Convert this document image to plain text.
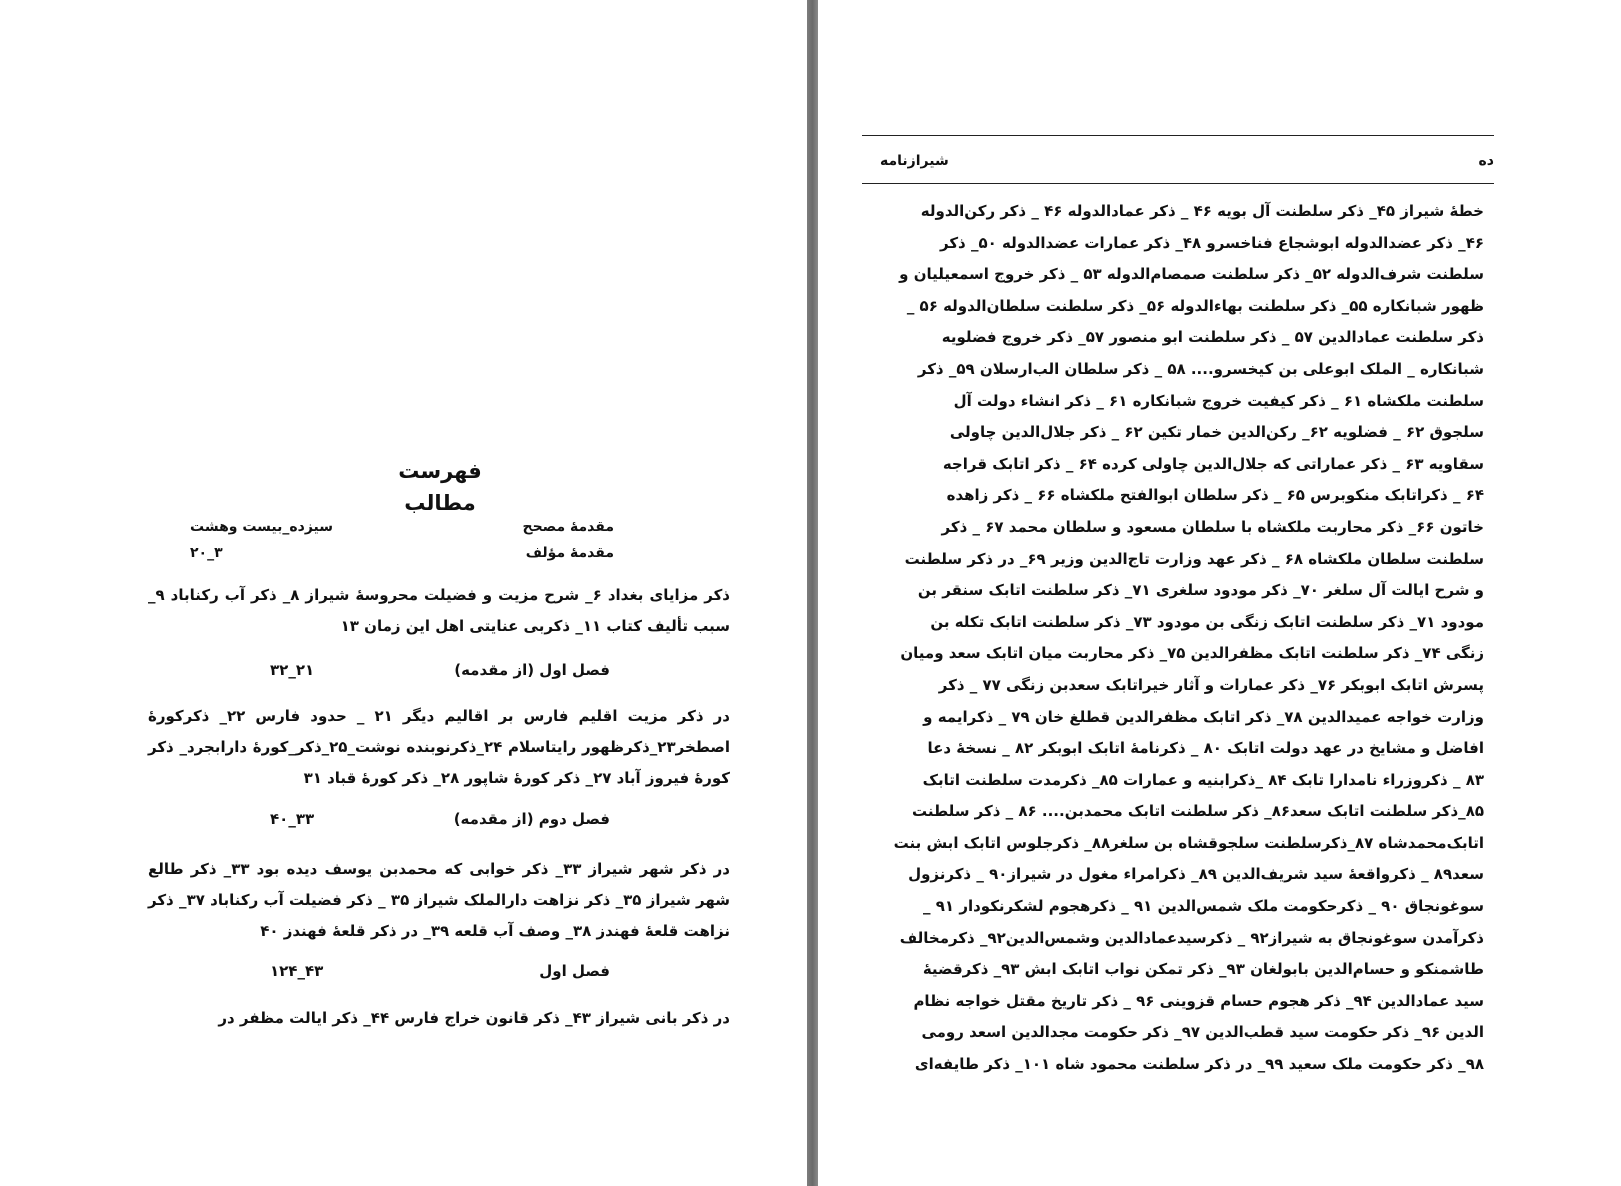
فهرست مطالب
مقدمهٔ مصحح
سیزده_بیست وهشت
مقدمهٔ مؤلف
۳_۲۰
ذکر مزایای بغداد ۶_ شرح مزیت و فضیلت محروسهٔ شیراز ۸_ ذکر آب رکناباد ۹_ سبب تألیف کتاب ۱۱_ ذکربی عنایتی اهل این زمان ۱۳
فصل اول (از مقدمه)
۲۱_۳۲
در ذکر مزیت اقلیم فارس بر اقالیم دیگر ۲۱ _ حدود فارس ۲۲_ ذکرکورهٔ اصطخر۲۳_ذکرظهور رایتاسلام ۲۴_ذکرنوبنده نوشت_۲۵_ذکر_کورهٔ دارابجرد_ ذکر کورهٔ فیروز آباد ۲۷_ ذکر کورهٔ شاپور ۲۸_ ذکر کورهٔ قباد ۳۱
فصل دوم (از مقدمه)
۳۳_۴۰
در ذکر شهر شیراز ۳۳_ ذکر خوابی که محمدبن یوسف دیده بود ۳۳_ ذکر طالع شهر شیراز ۳۵_ ذکر نزاهت دارالملک شیراز ۳۵ _ ذکر فضیلت آب رکناباد ۳۷_ ذکر نزاهت قلعهٔ فهندز ۳۸_ وصف آب قلعه ۳۹_ در ذکر قلعهٔ فهندز ۴۰
فصل اول
۴۳_۱۲۴
در ذکر بانی شیراز ۴۳_ ذکر قانون خراج فارس ۴۴_ ذکر ایالت مظفر در
ده
شیرازنامه
خطهٔ شیراز ۴۵_ ذکر سلطنت آل بویه ۴۶ _ ذکر عمادالدوله ۴۶ _ ذکر رکن‌الدوله
۴۶_ ذکر عضدالدوله ابوشجاع فناخسرو ۴۸_ ذکر عمارات عضدالدوله ۵۰_ ذکر
سلطنت شرف‌الدوله ۵۲_ ذکر سلطنت صمصام‌الدوله ۵۳ _ ذکر خروج اسمعیلیان و
ظهور شبانکاره ۵۵_ ذکر سلطنت بهاءالدوله ۵۶_ ذکر سلطنت سلطان‌الدوله ۵۶ _
ذکر سلطنت عمادالدین ۵۷ _ ذکر سلطنت ابو منصور ۵۷_ ذکر خروج فضلویه
شبانکاره _ الملک ابوعلی بن کیخسرو.... ۵۸ _ ذکر سلطان الب‌ارسلان ۵۹_ ذکر
سلطنت ملکشاه ۶۱ _ ذکر کیفیت خروج شبانکاره ۶۱ _ ذکر انشاء دولت آل
سلجوق ۶۲ _ فضلویه ۶۲_ رکن‌الدین خمار تکین ۶۲ _ ذکر جلال‌الدین چاولی
سقاویه ۶۳ _ ذکر عماراتی که جلال‌الدین چاولی کرده ۶۴ _ ذکر اتابک قراجه
۶۴ _ ذکراتابک منکوبرس ۶۵ _ ذکر سلطان ابوالفتح ملکشاه ۶۶ _ ذکر زاهده
خاتون ۶۶_ ذکر محاربت ملکشاه با سلطان مسعود و سلطان محمد ۶۷ _ ذکر
سلطنت سلطان ملکشاه ۶۸ _ ذکر عهد وزارت تاج‌الدین وزیر ۶۹_ در ذکر سلطنت
و شرح ایالت آل سلغر ۷۰_ ذکر مودود سلغری ۷۱_ ذکر سلطنت اتابک سنقر بن
مودود ۷۱_ ذکر سلطنت اتابک زنگی بن مودود ۷۳_ ذکر سلطنت اتابک تکله بن
زنگی ۷۴_ ذکر سلطنت اتابک مظفرالدین ۷۵_ ذکر محاربت میان اتابک سعد ومیان
پسرش اتابک ابوبکر ۷۶_ ذکر عمارات و آثار خیراتابک سعدبن زنگی ۷۷ _ ذکر
وزارت خواجه عمیدالدین ۷۸_ ذکر اتابک مظفرالدین قطلغ خان ۷۹ _ ذکرایمه و
افاضل و مشایخ در عهد دولت اتابک ۸۰ _ ذکرنامهٔ اتابک ابوبکر ۸۲ _ نسخهٔ دعا
۸۳ _ ذکروزراء نامدارا تابک ۸۴ _ذکرابنیه و عمارات ۸۵_ ذکرمدت سلطنت اتابک
۸۵_ذکر سلطنت اتابک سعد۸۶_ ذکر سلطنت اتابک محمدبن.... ۸۶ _ ذکر سلطنت
اتابک‌محمدشاه ۸۷_ذکرسلطنت سلجوقشاه بن سلغر۸۸_ ذکرجلوس اتابک ابش بنت
سعد۸۹ _ ذکرواقعهٔ سید شریف‌الدین ۸۹_ ذکرامراء مغول در شیراز۹۰ _ ذکرنزول
سوغونجاق ۹۰ _ ذکرحکومت ملک شمس‌الدین ۹۱ _ ذکرهجوم لشکرنکودار ۹۱ _
ذکرآمدن سوغونجاق به شیراز۹۲ _ ذکرسیدعمادالدین وشمس‌الدین۹۲_ ذکرمخالف
طاشمنکو و حسام‌الدین بابولغان ۹۳_ ذکر تمکن نواب اتابک ابش ۹۳_ ذکرقضیهٔ
سید عمادالدین ۹۴_ ذکر هجوم حسام قزوینی ۹۶ _ ذکر تاریخ مقتل خواجه نظام
الدین ۹۶_ ذکر حکومت سید قطب‌الدین ۹۷_ ذکر حکومت مجدالدین اسعد رومی
۹۸_ ذکر حکومت ملک سعید ۹۹_ در ذکر سلطنت محمود شاه ۱۰۱_ ذکر طایفه‌ای
